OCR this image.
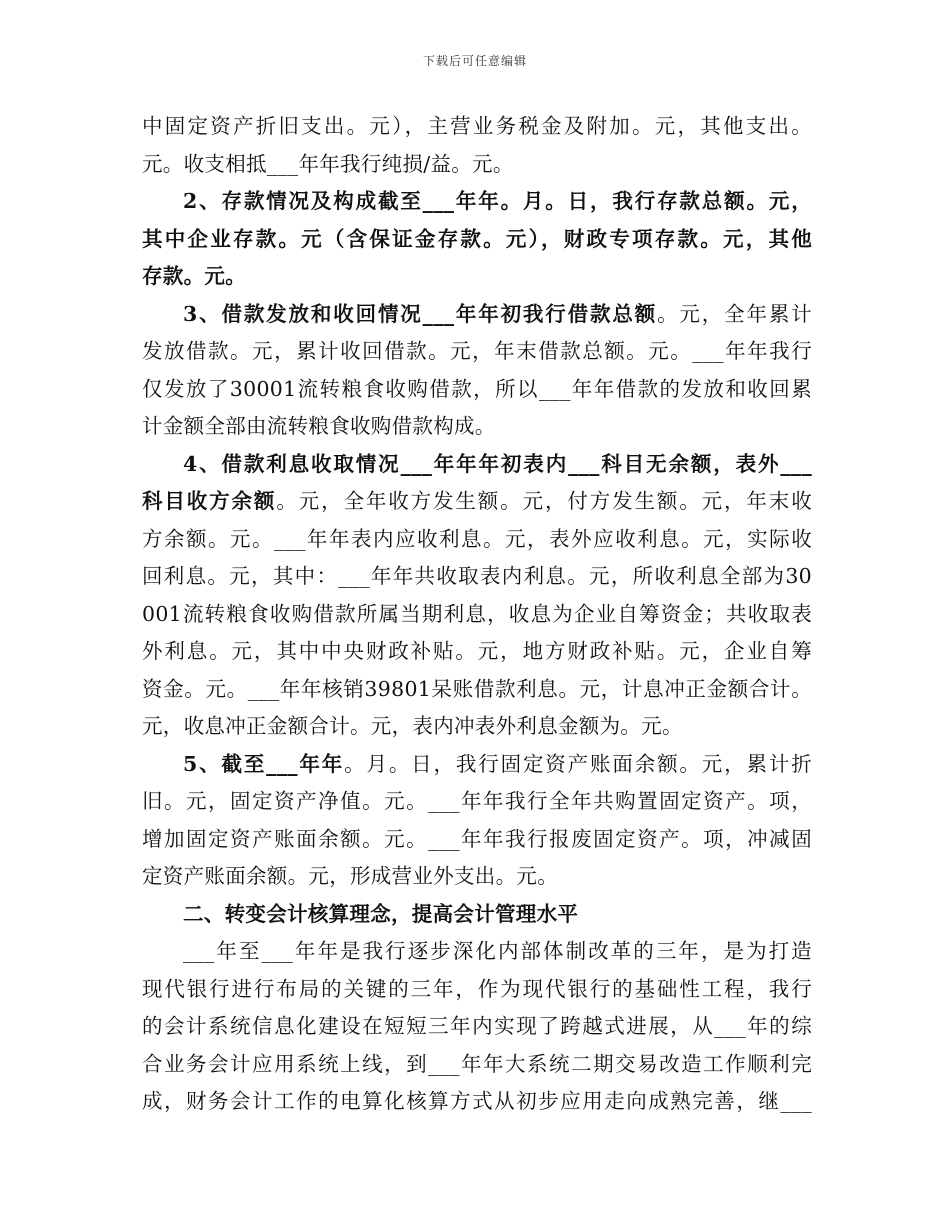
下载后可任意编辑
中固定资产折旧支出。元），主营业务税金及附加。元，其他支出。
元。收支相抵___年年我行纯损/益。元。
2、存款情况及构成截至___年年。月。日，我行存款总额。元，
其中企业存款。元（含保证金存款。元），财政专项存款。元，其他
存款。元。
3、借款发放和收回情况___年年初我行借款总额。元，全年累计
发放借款。元，累计收回借款。元，年末借款总额。元。___年年我行
仅发放了30001流转粮食收购借款，所以___年年借款的发放和收回累
计金额全部由流转粮食收购借款构成。
4、借款利息收取情况___年年年初表内___科目无余额，表外___
科目收方余额。元，全年收方发生额。元，付方发生额。元，年末收
方余额。元。___年年表内应收利息。元，表外应收利息。元，实际收
回利息。元，其中：___年年共收取表内利息。元，所收利息全部为30
001流转粮食收购借款所属当期利息，收息为企业自筹资金；共收取表
外利息。元，其中中央财政补贴。元，地方财政补贴。元，企业自筹
资金。元。___年年核销39801呆账借款利息。元，计息冲正金额合计。
元，收息冲正金额合计。元，表内冲表外利息金额为。元。
5、截至___年年。月。日，我行固定资产账面余额。元，累计折
旧。元，固定资产净值。元。___年年我行全年共购置固定资产。项，
增加固定资产账面余额。元。___年年我行报废固定资产。项，冲减固
定资产账面余额。元，形成营业外支出。元。
二、转变会计核算理念，提高会计管理水平
___年至___年年是我行逐步深化内部体制改革的三年，是为打造
现代银行进行布局的关键的三年，作为现代银行的基础性工程，我行
的会计系统信息化建设在短短三年内实现了跨越式进展，从___年的综
合业务会计应用系统上线，到___年年大系统二期交易改造工作顺利完
成，财务会计工作的电算化核算方式从初步应用走向成熟完善，继___
